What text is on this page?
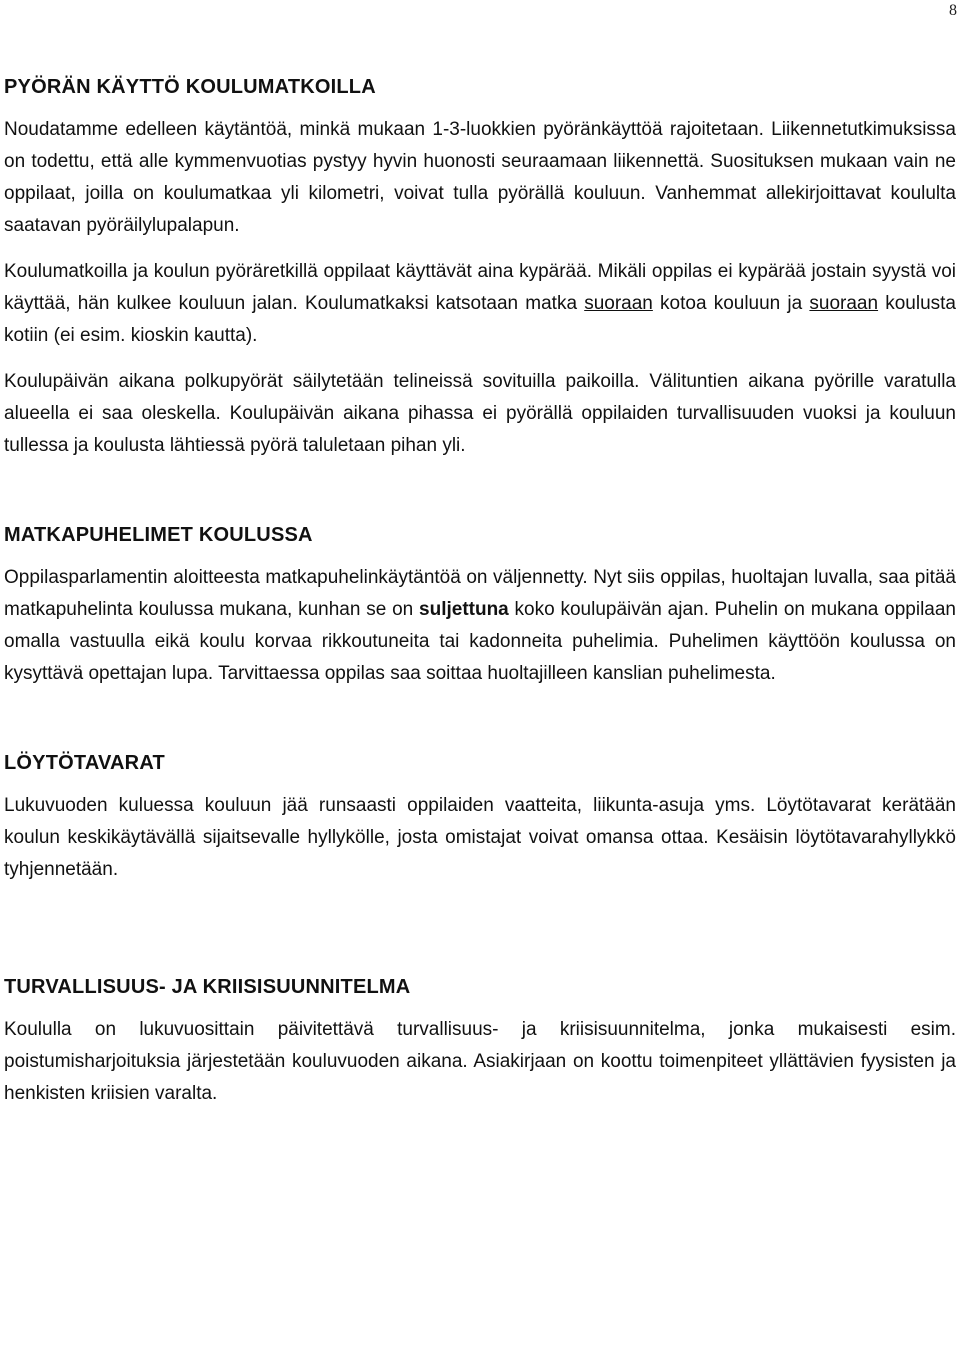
8
PYÖRÄN KÄYTTÖ KOULUMATKOILLA

Noudatamme edelleen käytäntöä, minkä mukaan 1-3-luokkien pyöränkäyttöä rajoitetaan. Liikennetutkimuksissa on todettu, että alle kymmenvuotias pystyy hyvin huonosti seuraamaan liikennettä. Suosituksen mukaan vain ne oppilaat, joilla on koulumatkaa yli kilometri, voivat tulla pyörällä kouluun. Vanhemmat allekirjoittavat koululta saatavan pyöräilylupalapun.

Koulumatkoilla ja koulun pyöräretkillä oppilaat käyttävät aina kypärää. Mikäli oppilas ei kypärää jostain syystä voi käyttää, hän kulkee kouluun jalan. Koulumatkaksi katsotaan matka suoraan kotoa kouluun ja suoraan koulusta kotiin (ei esim. kioskin kautta).

Koulupäivän aikana polkupyörät säilytetään telineissä sovituilla paikoilla. Välituntien aikana pyörille varatulla alueella ei saa oleskella. Koulupäivän aikana pihassa ei pyörällä oppilaiden turvallisuuden vuoksi ja kouluun tullessa ja koulusta lähtiessä pyörä taluletaan pihan yli.

MATKAPUHELIMET KOULUSSA

Oppilasparlamentin aloitteesta matkapuhelinkäytäntöä on väljennetty. Nyt siis oppilas, huoltajan luvalla, saa pitää matkapuhelinta koulussa mukana, kunhan se on suljettuna koko koulupäivän ajan. Puhelin on mukana oppilaan omalla vastuulla eikä koulu korvaa rikkoutuneita tai kadonneita puhelimia. Puhelimen käyttöön koulussa on kysyttävä opettajan lupa. Tarvittaessa oppilas saa soittaa huoltajilleen kanslian puhelimesta.

LÖYTÖTAVARAT

Lukuvuoden kuluessa kouluun jää runsaasti oppilaiden vaatteita, liikunta-asuja yms. Löytötavarat kerätään koulun keskikäytävällä sijaitsevalle hyllykölle, josta omistajat voivat omansa ottaa. Kesäisin löytötavarahyllykkö tyhjennetään.

TURVALLISUUS- JA KRIISISUUNNITELMA

Koululla on lukuvuosittain päivitettävä turvallisuus- ja kriisisuunnitelma, jonka mukaisesti esim. poistumisharjoituksia järjestetään kouluvuoden aikana. Asiakirjaan on koottu toimenpiteet yllättävien fyysisten ja henkisten kriisien varalta.
